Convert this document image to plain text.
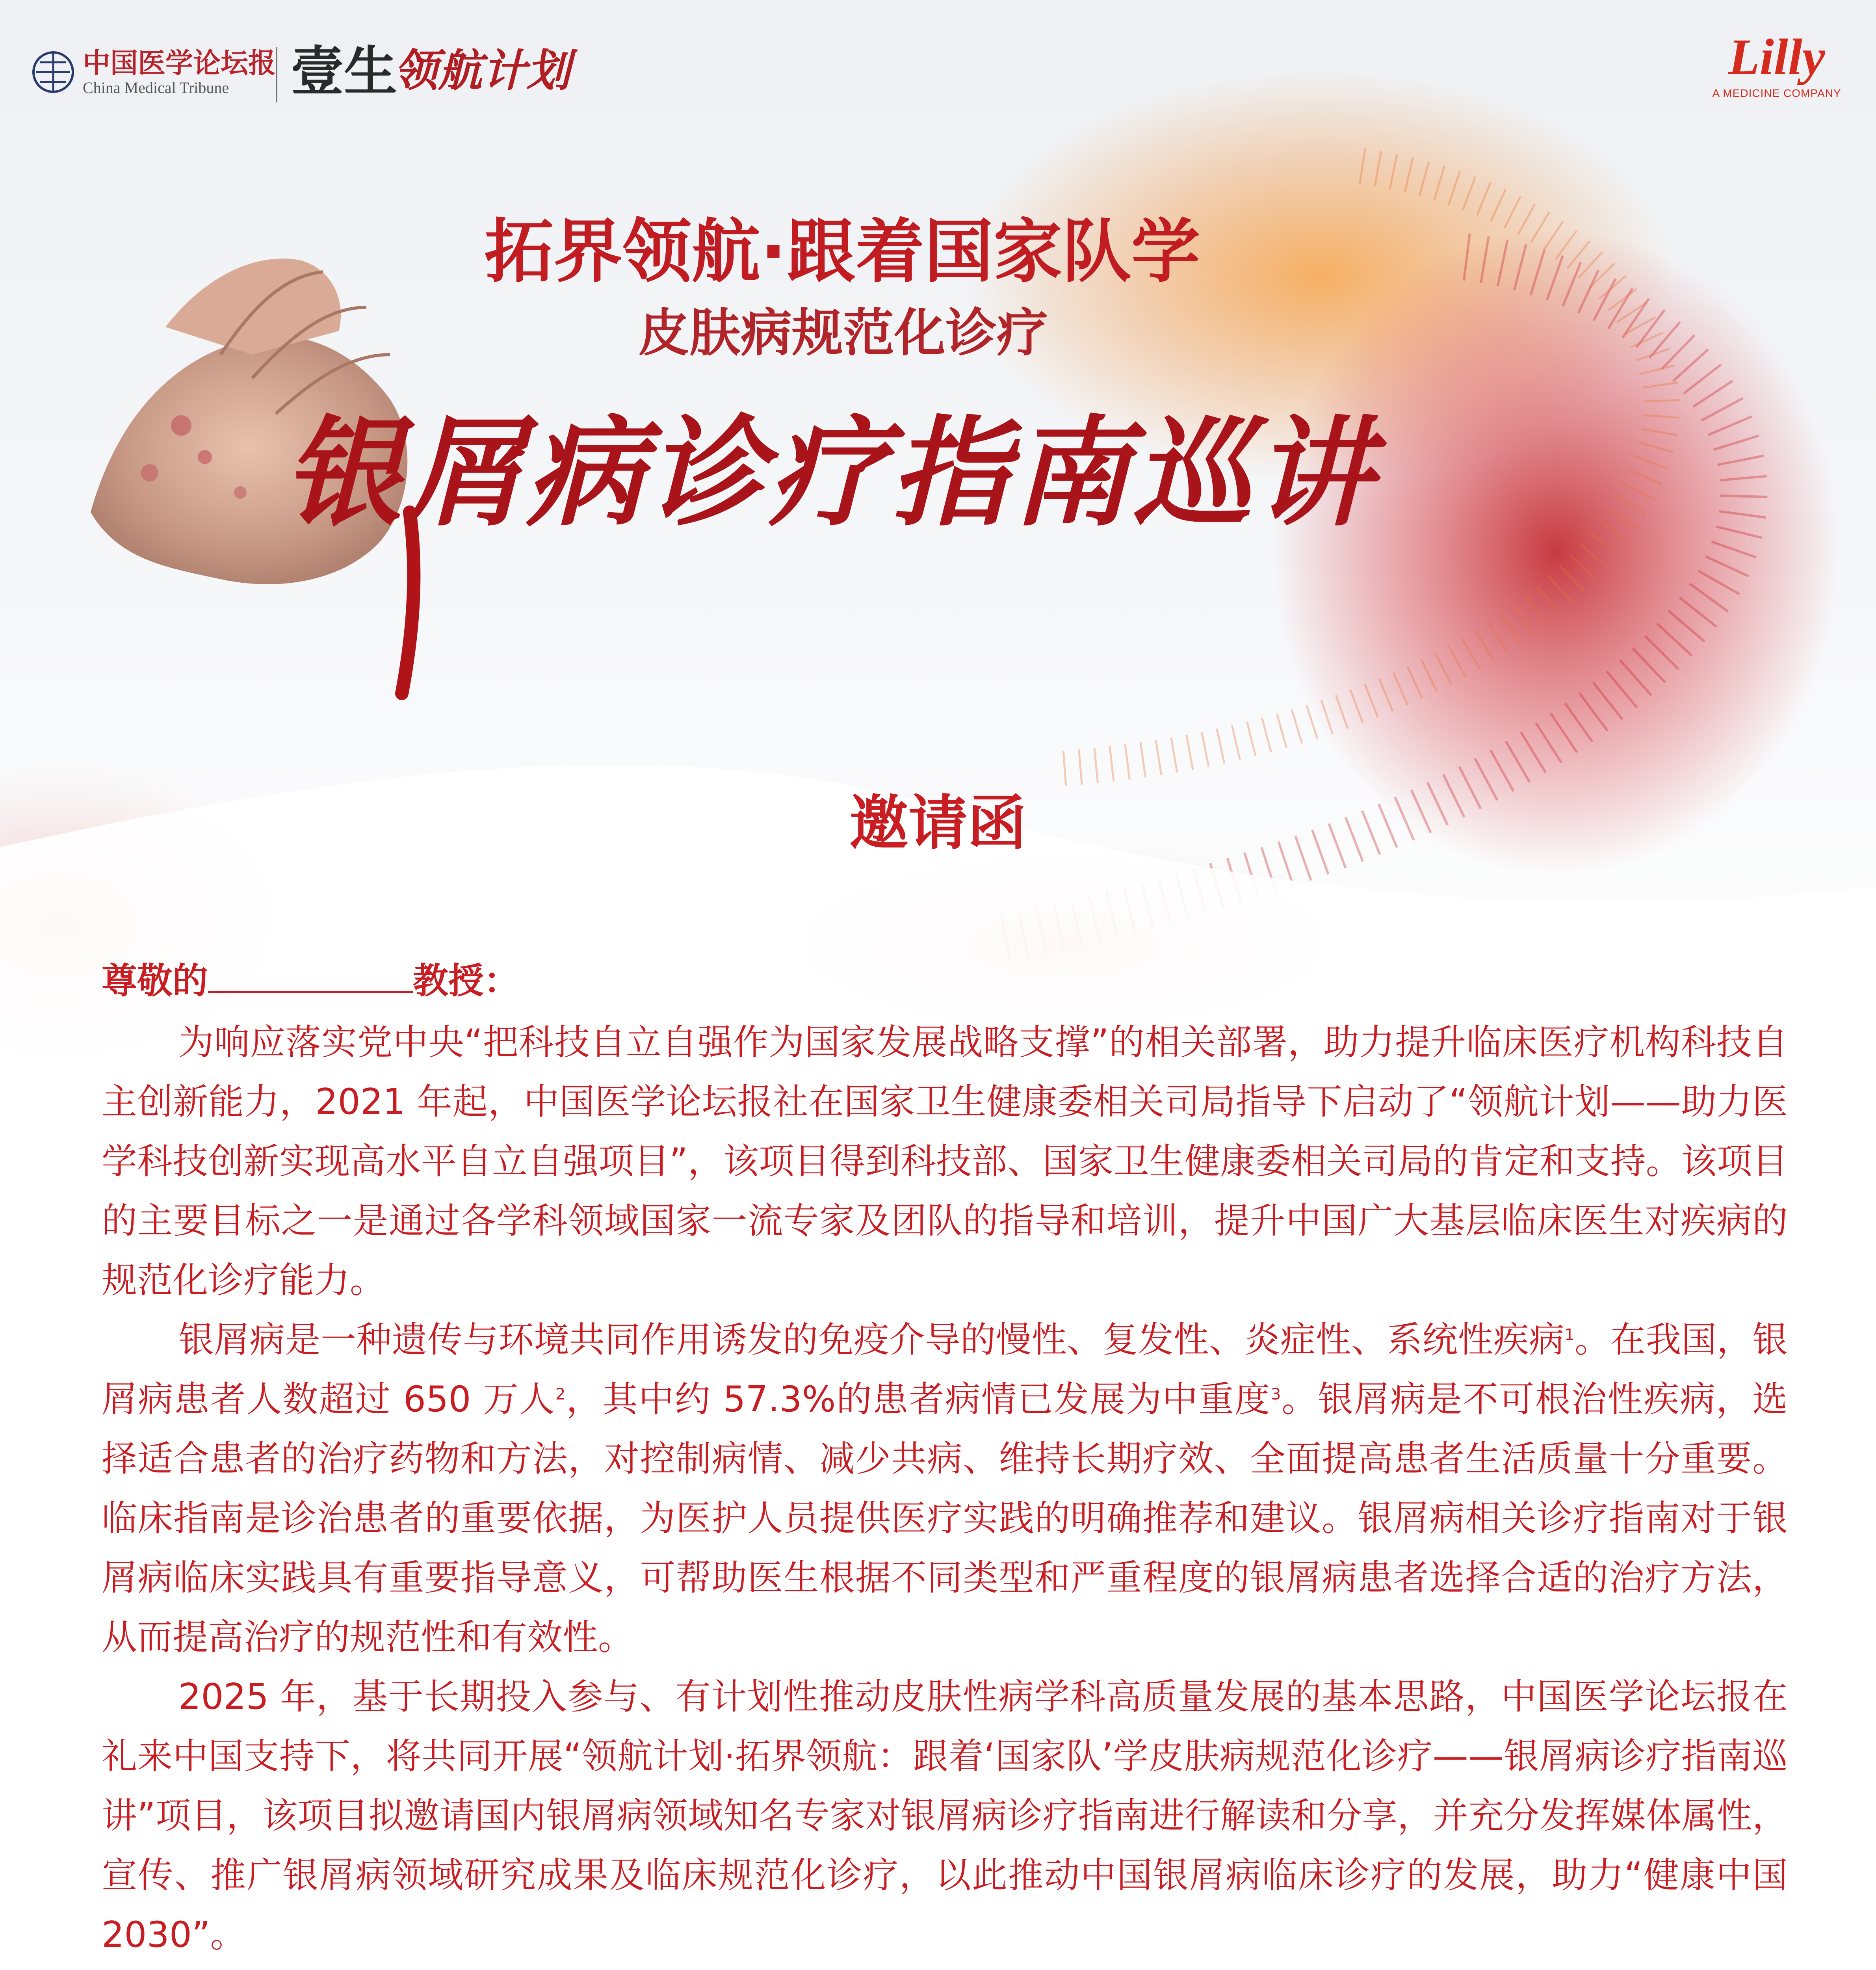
中国医学论坛报
China Medical Tribune	壹生
领航计划	Lilly
A MEDICINE COMPANY
拓界领航·跟着国家队学
皮肤病规范化诊疗
银屑病诊疗指南巡讲
邀请函
尊敬的	教授：

为响应落实党中央“把科技自立自强作为国家发展战略支撑”的相关部署，助力提升临床医疗机构科技自主创新能力，2021 年起，中国医学论坛报社在国家卫生健康委相关司局指导下启动了“领航计划——助力医学科技创新实现高水平自立自强项目”，该项目得到科技部、国家卫生健康委相关司局的肯定和支持。该项目的主要目标之一是通过各学科领域国家一流专家及团队的指导和培训，提升中国广大基层临床医生对疾病的规范化诊疗能力。

银屑病是一种遗传与环境共同作用诱发的免疫介导的慢性、复发性、炎症性、系统性疾病$^1$。在我国，银屑病患者人数超过 650 万人$^2$，其中约 57.3%的患者病情已发展为中重度$^3$。银屑病是不可根治性疾病，选择适合患者的治疗药物和方法，对控制病情、减少共病、维持长期疗效、全面提高患者生活质量十分重要。临床指南是诊治患者的重要依据，为医护人员提供医疗实践的明确推荐和建议。银屑病相关诊疗指南对于银屑病临床实践具有重要指导意义，可帮助医生根据不同类型和严重程度的银屑病患者选择合适的治疗方法，从而提高治疗的规范性和有效性。

2025 年，基于长期投入参与、有计划性推动皮肤性病学科高质量发展的基本思路，中国医学论坛报在礼来中国支持下，将共同开展“领航计划·拓界领航：跟着‘国家队’学皮肤病规范化诊疗——银屑病诊疗指南巡讲”项目，该项目拟邀请国内银屑病领域知名专家对银屑病诊疗指南进行解读和分享，并充分发挥媒体属性，宣传、推广银屑病领域研究成果及临床规范化诊疗，以此推动中国银屑病临床诊疗的发展，助力“健康中国 2030”。
